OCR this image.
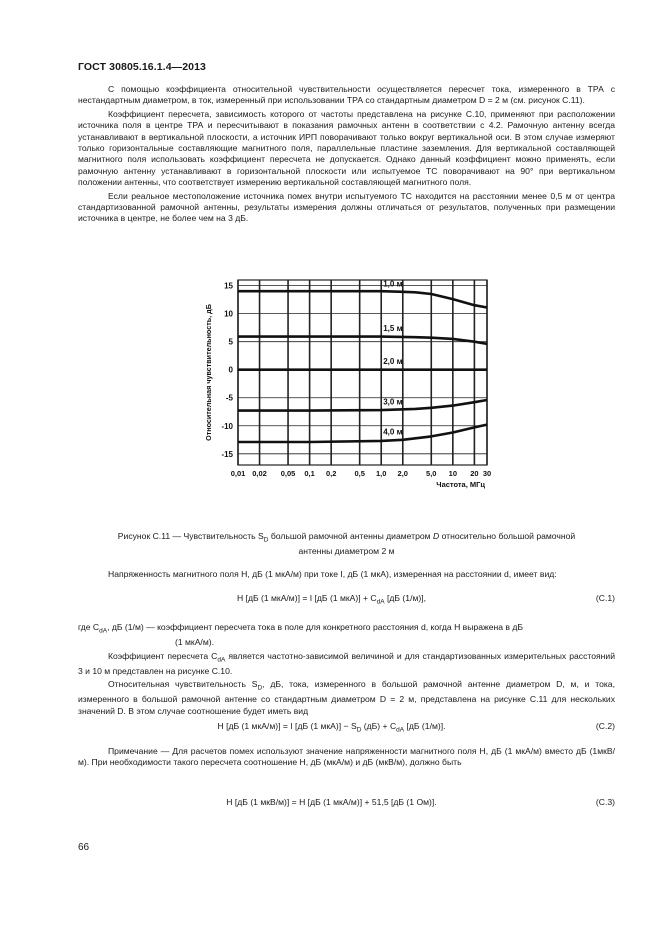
ГОСТ 30805.16.1.4—2013

С помощью коэффициента относительной чувствительности осуществляется пересчет тока, измеренного в ТРА с нестандартным диаметром, в ток, измеренный при использовании ТРА со стандартным диаметром D = 2 м (см. рисунок С.11).

Коэффициент пересчета, зависимость которого от частоты представлена на рисунке С.10, применяют при расположении источника поля в центре ТРА и пересчитывают в показания рамочных антенн в соответствии с 4.2. Рамочную антенну всегда устанавливают в вертикальной плоскости, а источник ИРП поворачивают только вокруг вертикальной оси. В этом случае измеряют только горизонтальные составляющие магнитного поля, параллельные пластине заземления. Для вертикальной составляющей магнитного поля использовать коэффициент пересчета не допускается. Однако данный коэффициент можно применять, если рамочную антенну устанавливают в горизонтальной плоскости или испытуемое ТС поворачивают на 90° при вертикальном положении антенны, что соответствует измерению вертикальной составляющей магнитного поля.

Если реальное местоположение источника помех внутри испытуемого ТС находится на расстоянии менее 0,5 м от центра стандартизованной рамочной антенны, результаты измерения должны отличаться от результатов, полученных при размещении источника в центре, не более чем на 3 дБ.

0,01 0,02 0,05 0,1 0,2 0,5 1,0 2,0 5,0 10 20 30
15
10
5
0
-5
-10
-15
1,0 м
1,5 м
2,0 м
3,0 м
4,0 м
Относительная чувствительность, дБ
Частота, МГц
Рисунок С.11 — Чувствительность $S_D$ большой рамочной антенны диаметром D относительно большой рамочной
антенны диаметром 2 м

Напряженность магнитного поля H, дБ (1 мкА/м) при токе I, дБ (1 мкА), измеренная на расстоянии d, имеет вид:

H [дБ (1 мкА/м)] = I [дБ (1 $мкА)] + C_{dA}$ [дБ (1/м)],	(С.1)
где $C_{dA}$, дБ (1/м) — коэффициент пересчета тока в поле для конкретного расстояния d, когда H выражена в дБ
(1 мкА/м).

Коэффициент пересчета $C_{dA}$ является частотно-зависимой величиной и для стандартизованных измерительных расстояний 3 и 10 м представлен на рисунке С.10.

Относительная чувствительность $S_D$, дБ, тока, измеренного в большой рамочной антенне диаметром D, м, и тока, измеренного в большой рамочной антенне со стандартным диаметром D = 2 м, представлена на рисунке С.11 для нескольких значений D. В этом случае соотношение будет иметь вид

H [дБ (1 мкА/м)] = I [дБ (1 $мкА)] - S_D$ $(дБ) + C_{dA}$ [дБ (1/м)].	(С.2)

Примечание — Для расчетов помех используют значение напряженности магнитного поля H, дБ (1 мкА/м) вместо дБ (1мкВ/м). При необходимости такого пересчета соотношение H, дБ (мкА/м) и дБ (мкВ/м), должно быть

H [дБ (1 мкВ/м)] = H [дБ (1 мкА/м)] + 51,5 [дБ (1 Ом)].	(С.3)
66
